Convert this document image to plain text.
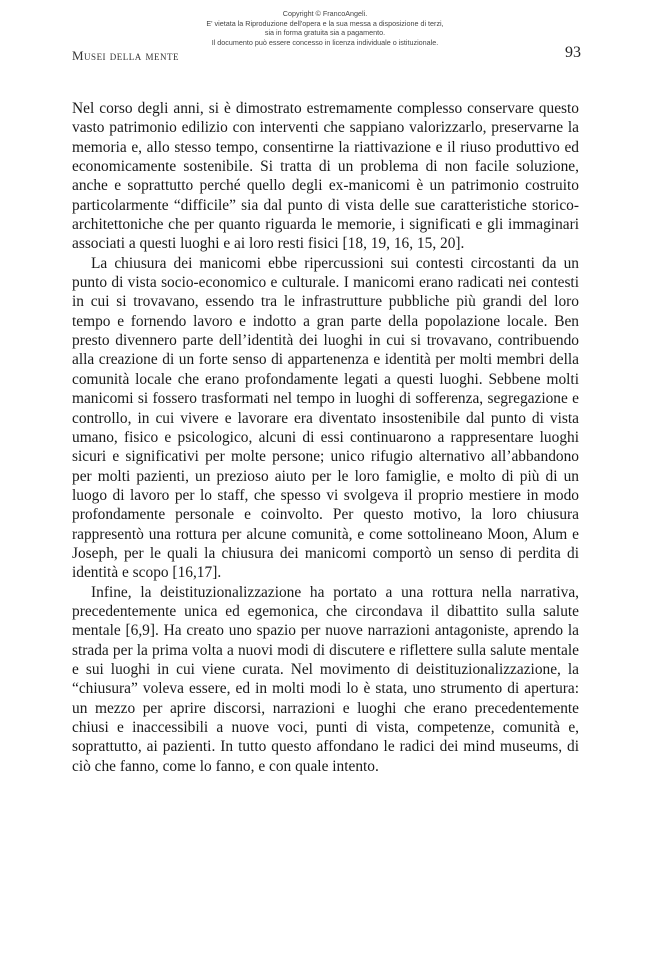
Copyright © FrancoAngeli.
E' vietata la Riproduzione dell'opera e la sua messa a disposizione di terzi,
sia in forma gratuita sia a pagamento.
Il documento può essere concesso in licenza individuale o istituzionale.
Musei della mente	93

Nel corso degli anni, si è dimostrato estremamente complesso conservare questo vasto patrimonio edilizio con interventi che sappiano valorizzarlo, preservarne la memoria e, allo stesso tempo, consentirne la riattivazione e il riuso produttivo ed economicamente sostenibile. Si tratta di un problema di non facile soluzione, anche e soprattutto perché quello degli ex-manicomi è un patrimonio costruito particolarmente “difficile” sia dal punto di vista delle sue caratteristiche storico-architettoniche che per quanto riguarda le memorie, i significati e gli immaginari associati a questi luoghi e ai loro resti fisici [18, 19, 16, 15, 20].

La chiusura dei manicomi ebbe ripercussioni sui contesti circostanti da un punto di vista socio-economico e culturale. I manicomi erano radicati nei contesti in cui si trovavano, essendo tra le infrastrutture pubbliche più grandi del loro tempo e fornendo lavoro e indotto a gran parte della popolazione locale. Ben presto divennero parte dell’identità dei luoghi in cui si trovavano, contribuendo alla creazione di un forte senso di appartenenza e identità per molti membri della comunità locale che erano profondamente legati a questi luoghi. Sebbene molti manicomi si fossero trasformati nel tempo in luoghi di sofferenza, segregazione e controllo, in cui vivere e lavorare era diventato insostenibile dal punto di vista umano, fisico e psicologico, alcuni di essi continuarono a rappresentare luoghi sicuri e significativi per molte persone; unico rifugio alternativo all’abbandono per molti pazienti, un prezioso aiuto per le loro famiglie, e molto di più di un luogo di lavoro per lo staff, che spesso vi svolgeva il proprio mestiere in modo profondamente personale e coinvolto. Per questo motivo, la loro chiusura rappresentò una rottura per alcune comunità, e come sottolineano Moon, Alum e Joseph, per le quali la chiusura dei manicomi comportò un senso di perdita di identità e scopo [16,17].

Infine, la deistituzionalizzazione ha portato a una rottura nella narrativa, precedentemente unica ed egemonica, che circondava il dibattito sulla salute mentale [6,9]. Ha creato uno spazio per nuove narrazioni antagoniste, aprendo la strada per la prima volta a nuovi modi di discutere e riflettere sulla salute mentale e sui luoghi in cui viene curata. Nel movimento di deistituzionalizzazione, la “chiusura” voleva essere, ed in molti modi lo è stata, uno strumento di apertura: un mezzo per aprire discorsi, narrazioni e luoghi che erano precedentemente chiusi e inaccessibili a nuove voci, punti di vista, competenze, comunità e, soprattutto, ai pazienti. In tutto questo affondano le radici dei mind museums, di ciò che fanno, come lo fanno, e con quale intento.
